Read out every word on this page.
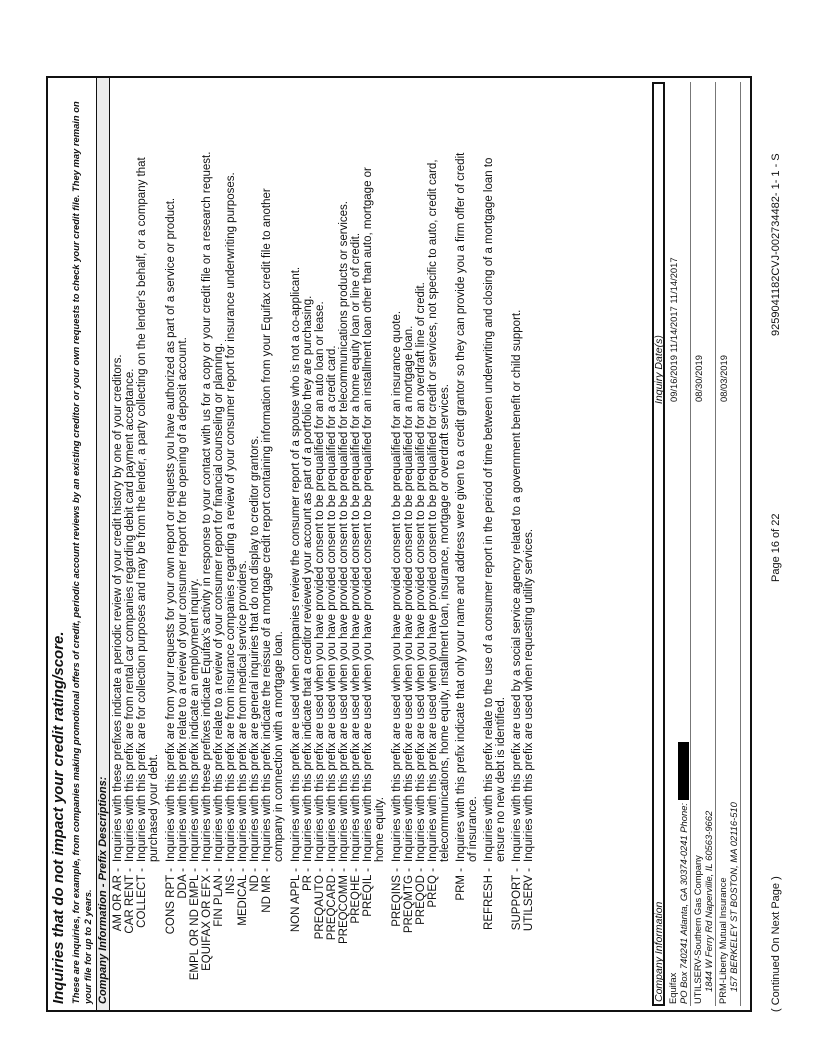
Inquiries that do not impact your credit rating/score. These are inquiries, for example, from companies making promotional offers of credit, periodic account reviews by an existing creditor or your own requests to check your credit file. They may remain on your file for up to 2 years. Company Information - Prefix Descriptions: AM OR AR -
Inquiries with these prefixes indicate a periodic review of your credit history by one of your creditors.
CAR RENT -
Inquiries with this prefix are from rental car companies regarding debit card payment acceptance.
COLLECT -
Inquiries with this prefix are for collection purposes and may be from the lender, a party collecting on the lender's behalf, or a company that purchased your debt.
CONS RPT -
Inquiries with this prefix are from your requests for your own report or requests you have authorized as part of a service or product.
DDA -
Inquiries with this prefix relate to a review of your consumer report for the opening of a deposit account.
EMPL OR ND EMPL -
Inquiries with this prefix indicate an employment inquiry.
EQUIFAX OR EFX -
Inquiries with these prefixes indicate Equifax's activity in response to your contact with us for a copy or your credit file or a research request.
FIN PLAN -
Inquiries with this prefix relate to a review of your consumer report for financial counseling or planning.
INS -
Inquiries with this prefix are from insurance companies regarding a review of your consumer report for insurance underwriting purposes.
MEDICAL -
Inquiries with this prefix are from medical service providers.
ND -
Inquiries with this prefix are general inquiries that do not display to creditor grantors.
ND MR -
Inquiries with this prefix indicate the reissue of a mortgage credit report containing information from your Equifax credit file to another company in connection with a mortgage loan.
NON APPL -
Inquiries with this prefix are used when companies review the consumer report of a spouse who is not a co-applicant.
PR -
Inquiries with this prefix indicate that a creditor reviewed your account as part of a portfolio they are purchasing.
PREQAUTO -
Inquiries with this prefix are used when you have provided consent to be prequalified for an auto loan or lease.
PREQCARD -
Inquiries with this prefix are used when you have provided consent to be prequalified for a credit card.
PREQCOMM -
Inquiries with this prefix are used when you have provided consent to be prequalified for telecommunications products or services.
PREQHE -
Inquiries with this prefix are used when you have provided consent to be prequalified for a home equity loan or line of credit.
PREQIL -
Inquiries with this prefix are used when you have provided consent to be prequalified for an installment loan other than auto, mortgage or home equity.
PREQINS -
Inquiries with this prefix are used when you have provided consent to be prequalified for an insurance quote.
PREQMTG -
Inquiries with this prefix are used when you have provided consent to be prequalified for a mortgage loan.
PREQOD -
Inquiries with this prefix are used when you have provided consent to be prequalified for an overdraft line of credit.
PREQ -
Inquiries with this prefix are used when you have provided consent to be prequalified for credit or services, not specific to auto, credit card, telecommunications, home equity, installment loan, insurance, mortgage or overdraft services.
PRM -
Inquires with this prefix indicate that only your name and address were given to a credit grantor so they can provide you a firm offer of credit of insurance.
REFRESH -
Inquiries with this prefix relate to the use of a consumer report in the period of time between underwriting and closing of a mortgage loan to ensure no new debt is identified.
SUPPORT -
Inquiries with this prefix are used by a social service agency related to a government benefit or child support.
UTILSERV -
Inquiries with this prefix are used when requesting utility services.
Company Information
Inquiry Date(s)
Equifax PO Box 740241 Atlanta, GA 30374-0241 Phone:
09/16/2019 11/14/2017 11/14/2017
UTILSERV-Southern Gas Company 1844 W Ferry Rd Naperville, IL 60563-9662
08/30/2019
PRM-Liberty Mutual Insurance 157 BERKELEY ST BOSTON, MA 02116-510
08/03/2019
( Continued On Next Page )
Page 16 of 22
9259041182CVJ-002734482- 1- 1 - S
